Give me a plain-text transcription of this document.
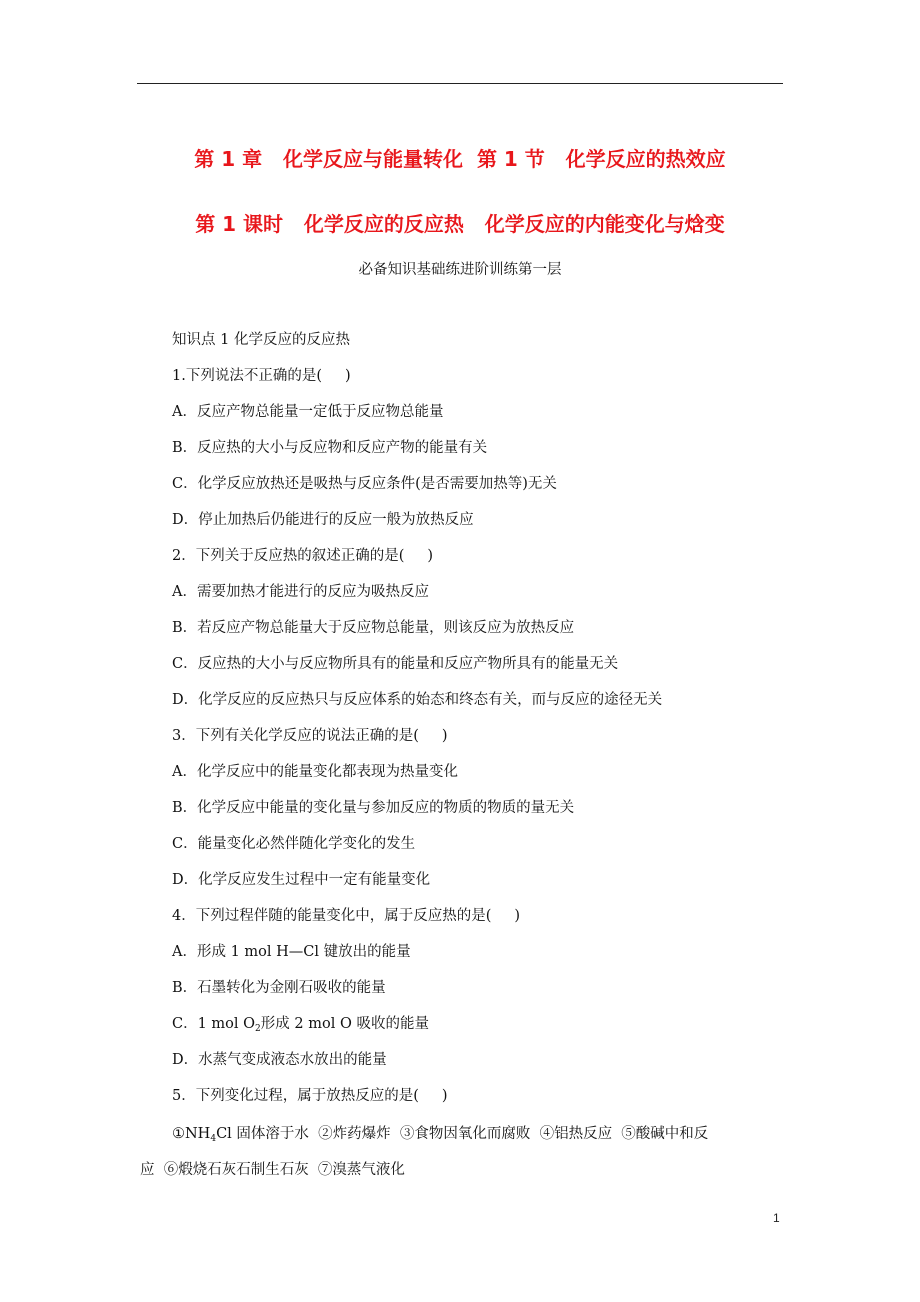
第 1 章   化学反应与能量转化  第 1 节   化学反应的热效应
第 1 课时   化学反应的反应热   化学反应的内能变化与焓变
必备知识基础练进阶训练第一层
知识点 1 化学反应的反应热
1.下列说法不正确的是(     )
A．反应产物总能量一定低于反应物总能量
B．反应热的大小与反应物和反应产物的能量有关
C．化学反应放热还是吸热与反应条件(是否需要加热等)无关
D．停止加热后仍能进行的反应一般为放热反应
2．下列关于反应热的叙述正确的是(     )
A．需要加热才能进行的反应为吸热反应
B．若反应产物总能量大于反应物总能量，则该反应为放热反应
C．反应热的大小与反应物所具有的能量和反应产物所具有的能量无关
D．化学反应的反应热只与反应体系的始态和终态有关，而与反应的途径无关
3．下列有关化学反应的说法正确的是(     )
A．化学反应中的能量变化都表现为热量变化
B．化学反应中能量的变化量与参加反应的物质的物质的量无关
C．能量变化必然伴随化学变化的发生
D．化学反应发生过程中一定有能量变化
4．下列过程伴随的能量变化中，属于反应热的是(     )
A．形成 1 mol H—Cl 键放出的能量
B．石墨转化为金刚石吸收的能量
C．1 mol $O_2$形成 2 mol O 吸收的能量
D．水蒸气变成液态水放出的能量
5．下列变化过程，属于放热反应的是(     )
$①NH_4Cl$ 固体溶于水  ②炸药爆炸  ③食物因氧化而腐败  ④铝热反应  ⑤酸碱中和反
应  ⑥煅烧石灰石制生石灰  ⑦溴蒸气液化
1
